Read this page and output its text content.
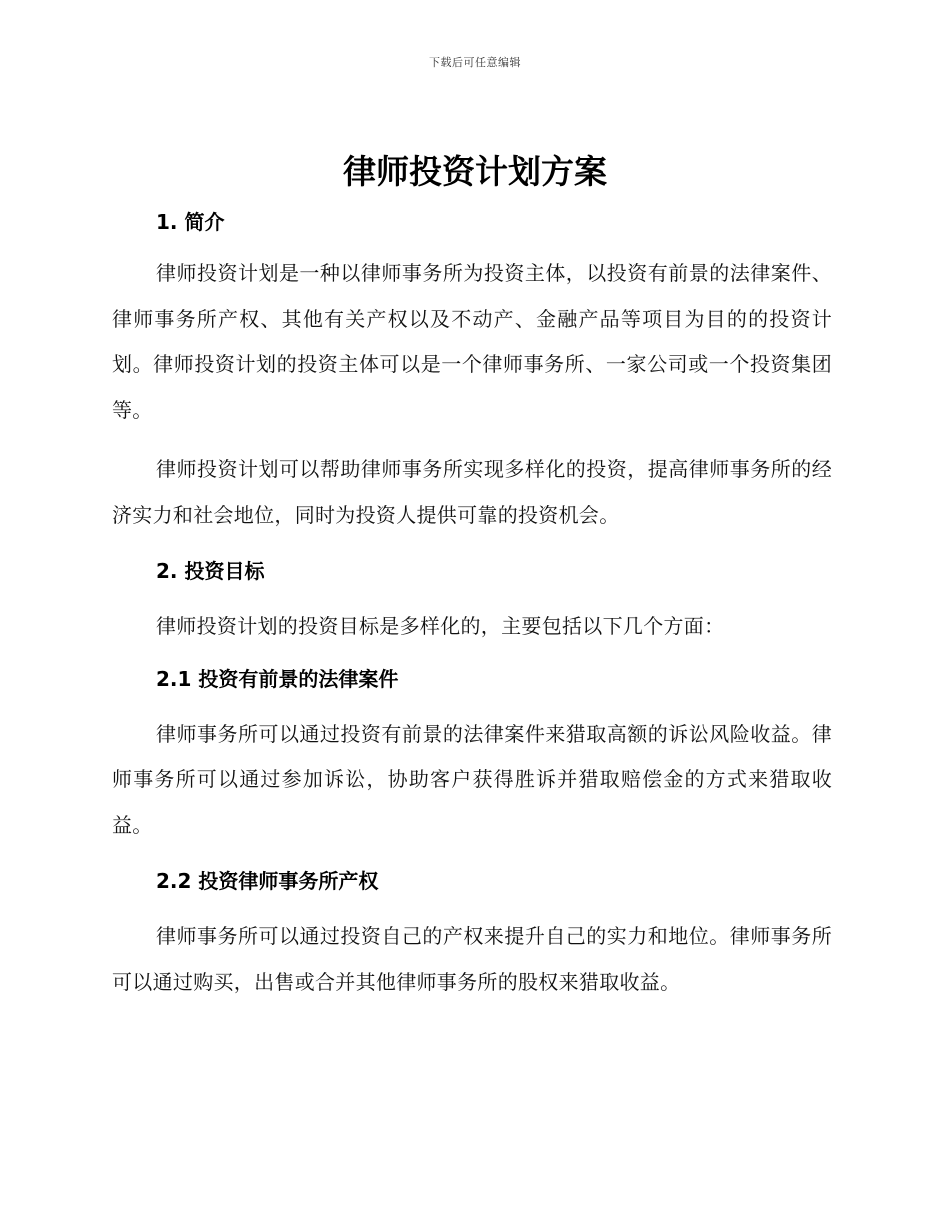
下载后可任意编辑
律师投资计划方案
1. 简介

律师投资计划是一种以律师事务所为投资主体，以投资有前景的法律案件、律师事务所产权、其他有关产权以及不动产、金融产品等项目为目的的投资计划。律师投资计划的投资主体可以是一个律师事务所、一家公司或一个投资集团等。

律师投资计划可以帮助律师事务所实现多样化的投资，提高律师事务所的经济实力和社会地位，同时为投资人提供可靠的投资机会。

2. 投资目标

律师投资计划的投资目标是多样化的，主要包括以下几个方面：

2.1 投资有前景的法律案件

律师事务所可以通过投资有前景的法律案件来猎取高额的诉讼风险收益。律师事务所可以通过参加诉讼，协助客户获得胜诉并猎取赔偿金的方式来猎取收益。

2.2 投资律师事务所产权

律师事务所可以通过投资自己的产权来提升自己的实力和地位。律师事务所可以通过购买，出售或合并其他律师事务所的股权来猎取收益。
